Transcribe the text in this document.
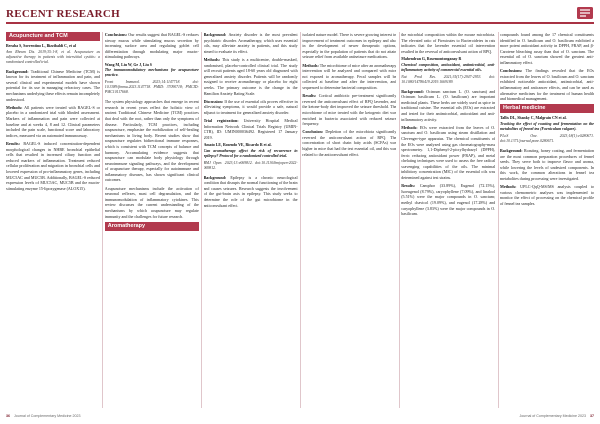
RECENT RESEARCH
Acupuncture and TCM

Beraba S, Sorrentino L, Bizzibaldi C, et al

Ann Rheum Dis. 2019;35:1-8, et al. Acupuncture as adjunctive therapy in patients with interstitial cystitis: a randomised controlled trial.

Background: Traditional Chinese Medicine (TCM) is known for its treatment of inflammation and pain, and several clinical and experimental models have shown potential for its use in managing refractory cases. The mechanisms underlying these effects remain incompletely understood.

Methods: All patients were treated with BAGEL-S or placebo in a randomized trial with blinded assessment. Markers of inflammation and pain were collected at baseline and at weeks 4, 8 and 12. Clinical parameters included the pain scale, functional score and laboratory indices, measured via an automated immunoassay.

Results: BAGEL-S induced concentration-dependent morphological changes in NHBE bronchial epithelial cells that resulted in increased ciliary function and reduced markers of inflammation. Treatment reduced cellular proliferation and migration in bronchial cells and lowered expression of pro-inflammatory genes, including MUC5AC and MUC5B. Additionally, BAGEL-S reduced expression levels of MUC5AC, MUC5B and the mucin-stimulating enzyme 15-lipoxygenase (ALOX15).

Conclusions: Our results suggest that BAGEL-S reduces airway mucus while stimulating mucus secretion by increasing surface area and regulating goblet cell differentiation through modulating major mucin-stimulating pathways.

Wang M, Liu W, Ge J, Liu S

The immunomodulatory mechanisms for acupuncture practice.

Front Immunol. 2023;14:1147718. doi: 10.3389/fimmu.2023.1147718. PMID: 37090718; PMCID: PMC10117668.

The system physiology approaches that emerge in recent research in recent years reflect the holistic view of ancient Traditional Chinese Medicine (TCM) practices that deal with the root, rather than only the symptoms of disease. Particularly, TCM practices, including acupuncture, emphasize the mobilization of self-healing mechanisms in living body. Recent studies show that acupuncture regulates bidirectional immune responses, which is consistent with TCM concepts of balance and harmony. Accumulating evidence suggests that acupuncture can modulate body physiology through neuroimmune signaling pathways, and the development of acupuncture therapy, especially for autoimmune and inflammatory diseases, has shown significant clinical outcomes.

Acupuncture mechanisms include the activation of neuronal reflexes, mast cell degranulation, and the immunomodulation of inflammatory cytokines. This review discusses the current understanding of the mechanisms by which acupuncture may regulate immunity and the challenges for future research.

Aromatherapy

Background: Anxiety disorder is the most prevalent psychiatric disorder. Aromatherapy, which uses essential oils, may alleviate anxiety in patients, and this study aimed to evaluate its effect.

Methods: This study is a multicentre, double-masked, randomised, placebo-controlled clinical trial. The study will recruit patients aged 18-60 years old diagnosed with generalized anxiety disorder. Patients will be randomly assigned to receive aromatherapy or placebo for eight weeks. The primary outcome is the change in the Hamilton Anxiety Rating Scale.

Discussion: If the use of essential oils proves effective in alleviating symptoms, it would provide a safe, natural adjunct to treatment for generalized anxiety disorder.

Trial registration: University Hospital Medical Information Network Clinical Trials Registry (UMIN-CTR), ID: UMIN000036492. Registered 17 January 2019.

Amato LE, Rosendo VE, Ricardo R et al.

Can aromatherapy affect the risk of recurrence in epilepsy? Protocol for a randomized controlled trial.

BMJ Open. 2023;13:e069812. doi:10.1136/bmjopen-2022-069812.

Background: Epilepsy is a chronic neurological condition that disrupts the normal functioning of the brain and causes seizures. Research suggests the involvement of the gut-brain axis in epilepsy. This study seeks to determine the role of the gut microbiome in the anticonvulsant effect.

isolated nature model. There is severe growing interest in improvement of treatment outcomes in epilepsy and also in the development of newer therapeutic options, especially in the population of patients that do not attain seizure relief from available antiseizure medications.

Methods: The microbiome of mice after an aromatherapy intervention will be analyzed and compared with mice not exposed to aromatherapy. Fecal samples will be collected at baseline and after the intervention, and sequenced to determine bacterial composition.

Results: Cortical antibiotic pre-treatment significantly reversed the anticonvulsant effect of RPQ lavender, and the ketone-body diet improved the seizure threshold. The microbiome of mice treated with the ketogenic diet was enriched in bacteria associated with reduced seizure frequency.

Conclusion: Depletion of the microbiota significantly reversed the anticonvulsant action of RPQ. The concentration of short chain fatty acids (SCFAs) was higher in mice that had the test essential oil, and this was related to the anticonvulsant effect.

the microbial composition within the mouse microbiota. The elevated ratio of Firmicutes to Bacteroidetes in rats indicates that the lavender essential oil intervention resulted in the reversal of anticonvulsant action of RPQ.

Mahendran G, Rosemontonganay R

Chemical composition, antioxidant, antimicrobial, anti-inflammatory activity of commercial essential oils.

Nat Prod Res. 2021;35(17):2947-2953. doi: 10.1080/14786419.2019.1669189.

Background: Ocimum sanctum L. (O. sanctum) and Ocimum basilicum L. (O. basilicum) are important medicinal plants. These herbs are widely used as spice in traditional cuisine. The essential oils (EOs) are extracted and tested for their antimicrobial, antioxidant and anti-inflammatory activity.

Methods: EOs were extracted from the leaves of O. sanctum and O. basilicum using steam distillation and Clevenger-type apparatus. The chemical constituents of the EOs were analyzed using gas chromatography-mass spectrometry. 1,1-Diphenyl-2-picrylhydrazyl (DPPH), ferric reducing antioxidant power (FRAP), and metal chelating techniques were used to assess the free radical scavenging capabilities of the oils. The minimal inhibitory concentration (MIC) of the essential oils was determined against test strains.

Results: Camphor (33.89%), Eugenol (72.15%), Isoeugenol (8.79%), caryophyllene (7.09%), and linalool (5.51%) were the major compounds in O. sanctum; methyl chavicol (19.09%), and eugenol (17.28%) and caryophyllene (3.83%) were the major compounds in O. basilicum.

compounds found among the 17 chemical constituents identified in O. basilicum and O. basilicum exhibited a more potent antioxidant activity in DPPH, FRAP, and β-Carotene bleaching assay than that of O. sanctum. The essential oil of O. sanctum showed the greatest anti-inflammatory effect.

Conclusions: The findings revealed that the EOs extracted from the leaves of O. basilicum and O. sanctum exhibited noticeable antioxidant, antimicrobial, anti-inflammatory and anticancer effects, and can be used as alternative medicines for the treatment of human health and biomedical management.

Herbal medicine

Tallis DL, Shanky C, Malgrain CN et al.

Tracking the effect of roasting and fermentation on the metabolites of fennel tea (Foeniculum vulgare).

PLoS One. 2023;18(1):e0280671. doi:10.1371/journal.pone.0280671.

Background: Roasting, honey coating, and fermentation are the most common preparation procedures of fennel seeds. They serve both to improve flavor and aroma, while lowering the levels of undesired components. In this work, the common alterations in fennel tea metabolites during processing were investigated.

Methods: UPLC-QqQ-MS/MS analysis coupled to various chemometric analyses was implemented to monitor the effect of processing on the chemical profile of fennel tea samples.

36 Journal of Complementary Medicine 2023	Journal of Complementary Medicine 2023 37
